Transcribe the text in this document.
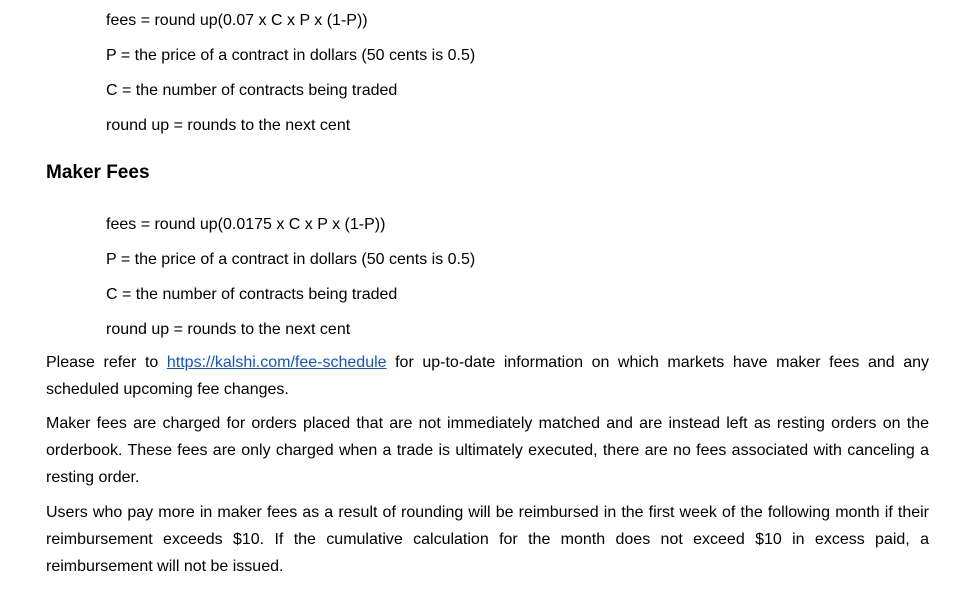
fees = round up(0.07 x C x P x (1-P))
P = the price of a contract in dollars (50 cents is 0.5)
C = the number of contracts being traded
round up = rounds to the next cent
Maker Fees
fees = round up(0.0175 x C x P x (1-P))
P = the price of a contract in dollars (50 cents is 0.5)
C = the number of contracts being traded
round up = rounds to the next cent
Please refer to https://kalshi.com/fee-schedule for up-to-date information on which markets have maker fees and any scheduled upcoming fee changes.
Maker fees are charged for orders placed that are not immediately matched and are instead left as resting orders on the orderbook. These fees are only charged when a trade is ultimately executed, there are no fees associated with canceling a resting order.
Users who pay more in maker fees as a result of rounding will be reimbursed in the first week of the following month if their reimbursement exceeds $10. If the cumulative calculation for the month does not exceed $10 in excess paid, a reimbursement will not be issued.
